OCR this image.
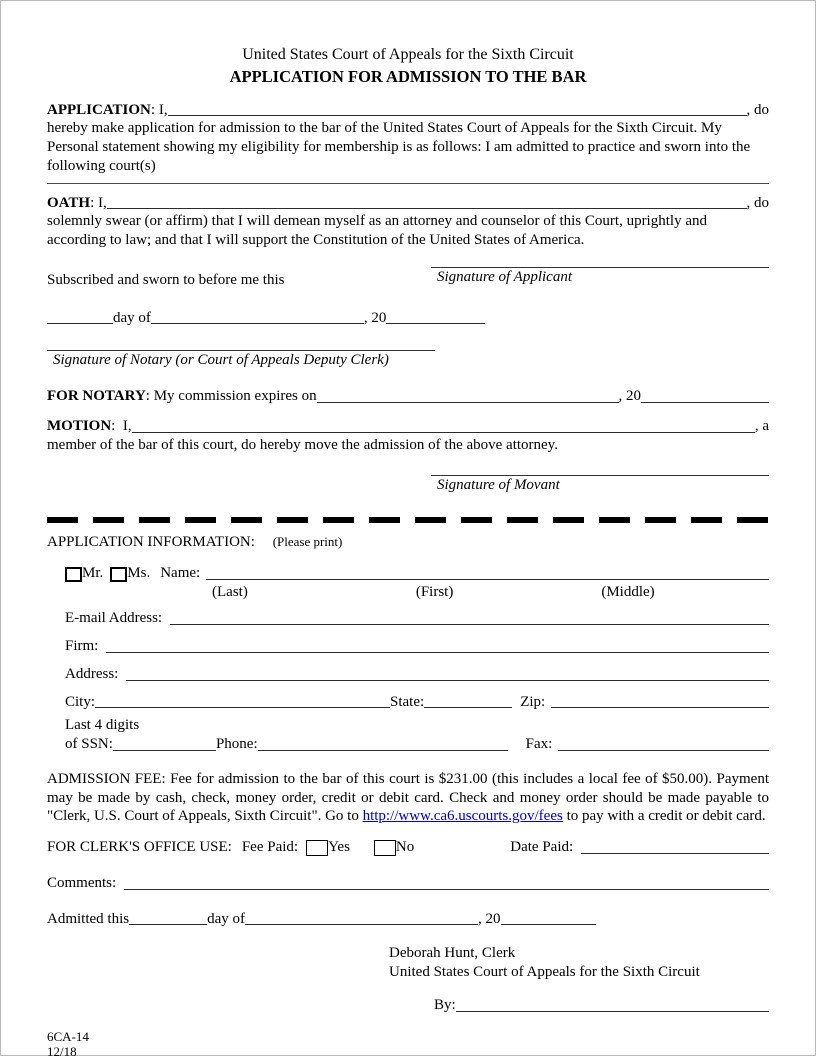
United States Court of Appeals for the Sixth Circuit
APPLICATION FOR ADMISSION TO THE BAR
APPLICATION : I,	, do
hereby make application for admission to the bar of the United States Court of Appeals for the Sixth Circuit. My Personal statement showing my eligibility for membership is as follows: I am admitted to practice and sworn into the following court(s)
OATH : I,	, do
solemnly swear (or affirm) that I will demean myself as an attorney and counselor of this Court, uprightly and according to law; and that I will support the Constitution of the United States of America.
Subscribed and sworn to before me this	Signature of Applicant
day of	, 20
Signature of Notary (or Court of Appeals Deputy Clerk)
FOR NOTARY : My commission expires on	, 20
MOTION :  I,	, a
member of the bar of this court, do hereby move the admission of the above attorney.
Signature of Movant
APPLICATION INFORMATION: (Please print)
Mr. Ms. Name:
(Last)	(First)	(Middle)
E-mail Address:
Firm:
Address:
City:	State:	Zip:
Last 4 digits
of SSN:	Phone:	Fax:

ADMISSION FEE: Fee for admission to the bar of this court is $231.00 (this includes a local fee of $50.00). Payment may be made by cash, check, money order, credit or debit card. Check and money order should be made payable to "Clerk, U.S. Court of Appeals, Sixth Circuit". Go to http://www.ca6.uscourts.gov/fees to pay with a credit or debit card.

FOR CLERK'S OFFICE USE: Fee Paid: Yes	No	Date Paid:
Comments:
Admitted this	day of	, 20
Deborah Hunt, Clerk
United States Court of Appeals for the Sixth Circuit
By:
6CA-14
12/18
